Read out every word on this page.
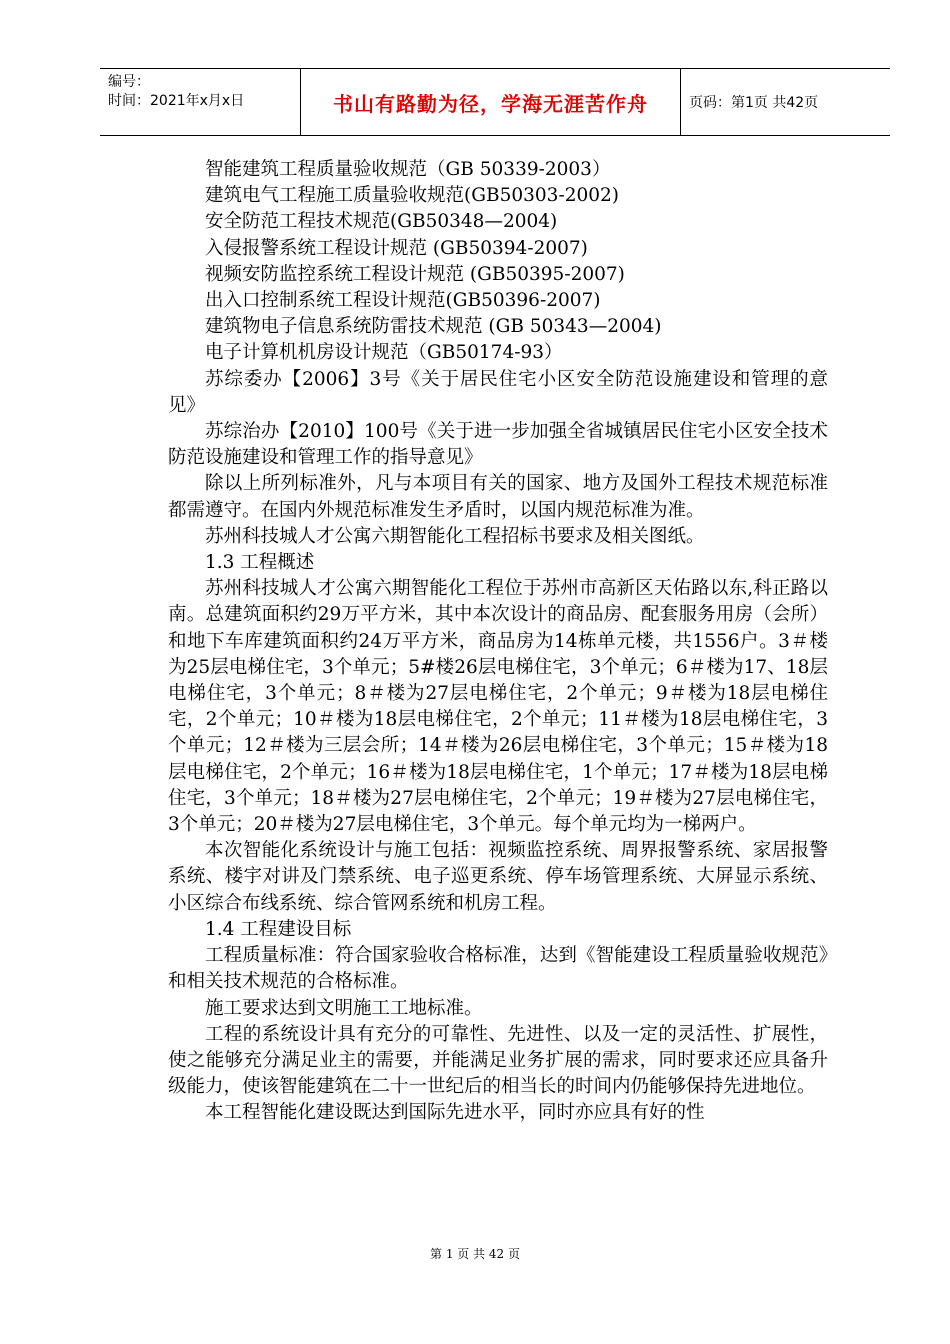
编号：
时间：2021年x月x日	书山有路勤为径，学海无涯苦作舟	页码：第1页 共42页

智能建筑工程质量验收规范（GB 50339-2003）

建筑电气工程施工质量验收规范(GB50303-2002)

安全防范工程技术规范(GB50348—2004)

入侵报警系统工程设计规范 (GB50394-2007)

视频安防监控系统工程设计规范 (GB50395-2007)

出入口控制系统工程设计规范(GB50396-2007)

建筑物电子信息系统防雷技术规范 (GB 50343—2004)

电子计算机机房设计规范（GB50174-93）

苏综委办【2006】3号《关于居民住宅小区安全防范设施建设和管理的意见》

苏综治办【2010】100号《关于进一步加强全省城镇居民住宅小区安全技术防范设施建设和管理工作的指导意见》

除以上所列标准外，凡与本项目有关的国家、地方及国外工程技术规范标准都需遵守。在国内外规范标准发生矛盾时，以国内规范标准为准。

苏州科技城人才公寓六期智能化工程招标书要求及相关图纸。

1.3 工程概述

苏州科技城人才公寓六期智能化工程位于苏州市高新区天佑路以东,科正路以南。总建筑面积约29万平方米，其中本次设计的商品房、配套服务用房（会所）和地下车库建筑面积约24万平方米，商品房为14栋单元楼，共1556户。3＃楼为25层电梯住宅，3个单元；5#楼26层电梯住宅，3个单元；6＃楼为17、18层电梯住宅，3个单元；8＃楼为27层电梯住宅，2个单元；9＃楼为18层电梯住宅，2个单元；10＃楼为18层电梯住宅，2个单元；11＃楼为18层电梯住宅，3个单元；12＃楼为三层会所；14＃楼为26层电梯住宅，3个单元；15＃楼为18层电梯住宅，2个单元；16＃楼为18层电梯住宅，1个单元；17＃楼为18层电梯住宅，3个单元；18＃楼为27层电梯住宅，2个单元；19＃楼为27层电梯住宅，3个单元；20＃楼为27层电梯住宅，3个单元。每个单元均为一梯两户。

本次智能化系统设计与施工包括：视频监控系统、周界报警系统、家居报警系统、楼宇对讲及门禁系统、电子巡更系统、停车场管理系统、大屏显示系统、小区综合布线系统、综合管网系统和机房工程。

1.4 工程建设目标

工程质量标准：符合国家验收合格标准，达到《智能建设工程质量验收规范》和相关技术规范的合格标准。

施工要求达到文明施工工地标准。

工程的系统设计具有充分的可靠性、先进性、以及一定的灵活性、扩展性，使之能够充分满足业主的需要，并能满足业务扩展的需求，同时要求还应具备升级能力，使该智能建筑在二十一世纪后的相当长的时间内仍能够保持先进地位。

本工程智能化建设既达到国际先进水平，同时亦应具有好的性

第 1 页 共 42 页
